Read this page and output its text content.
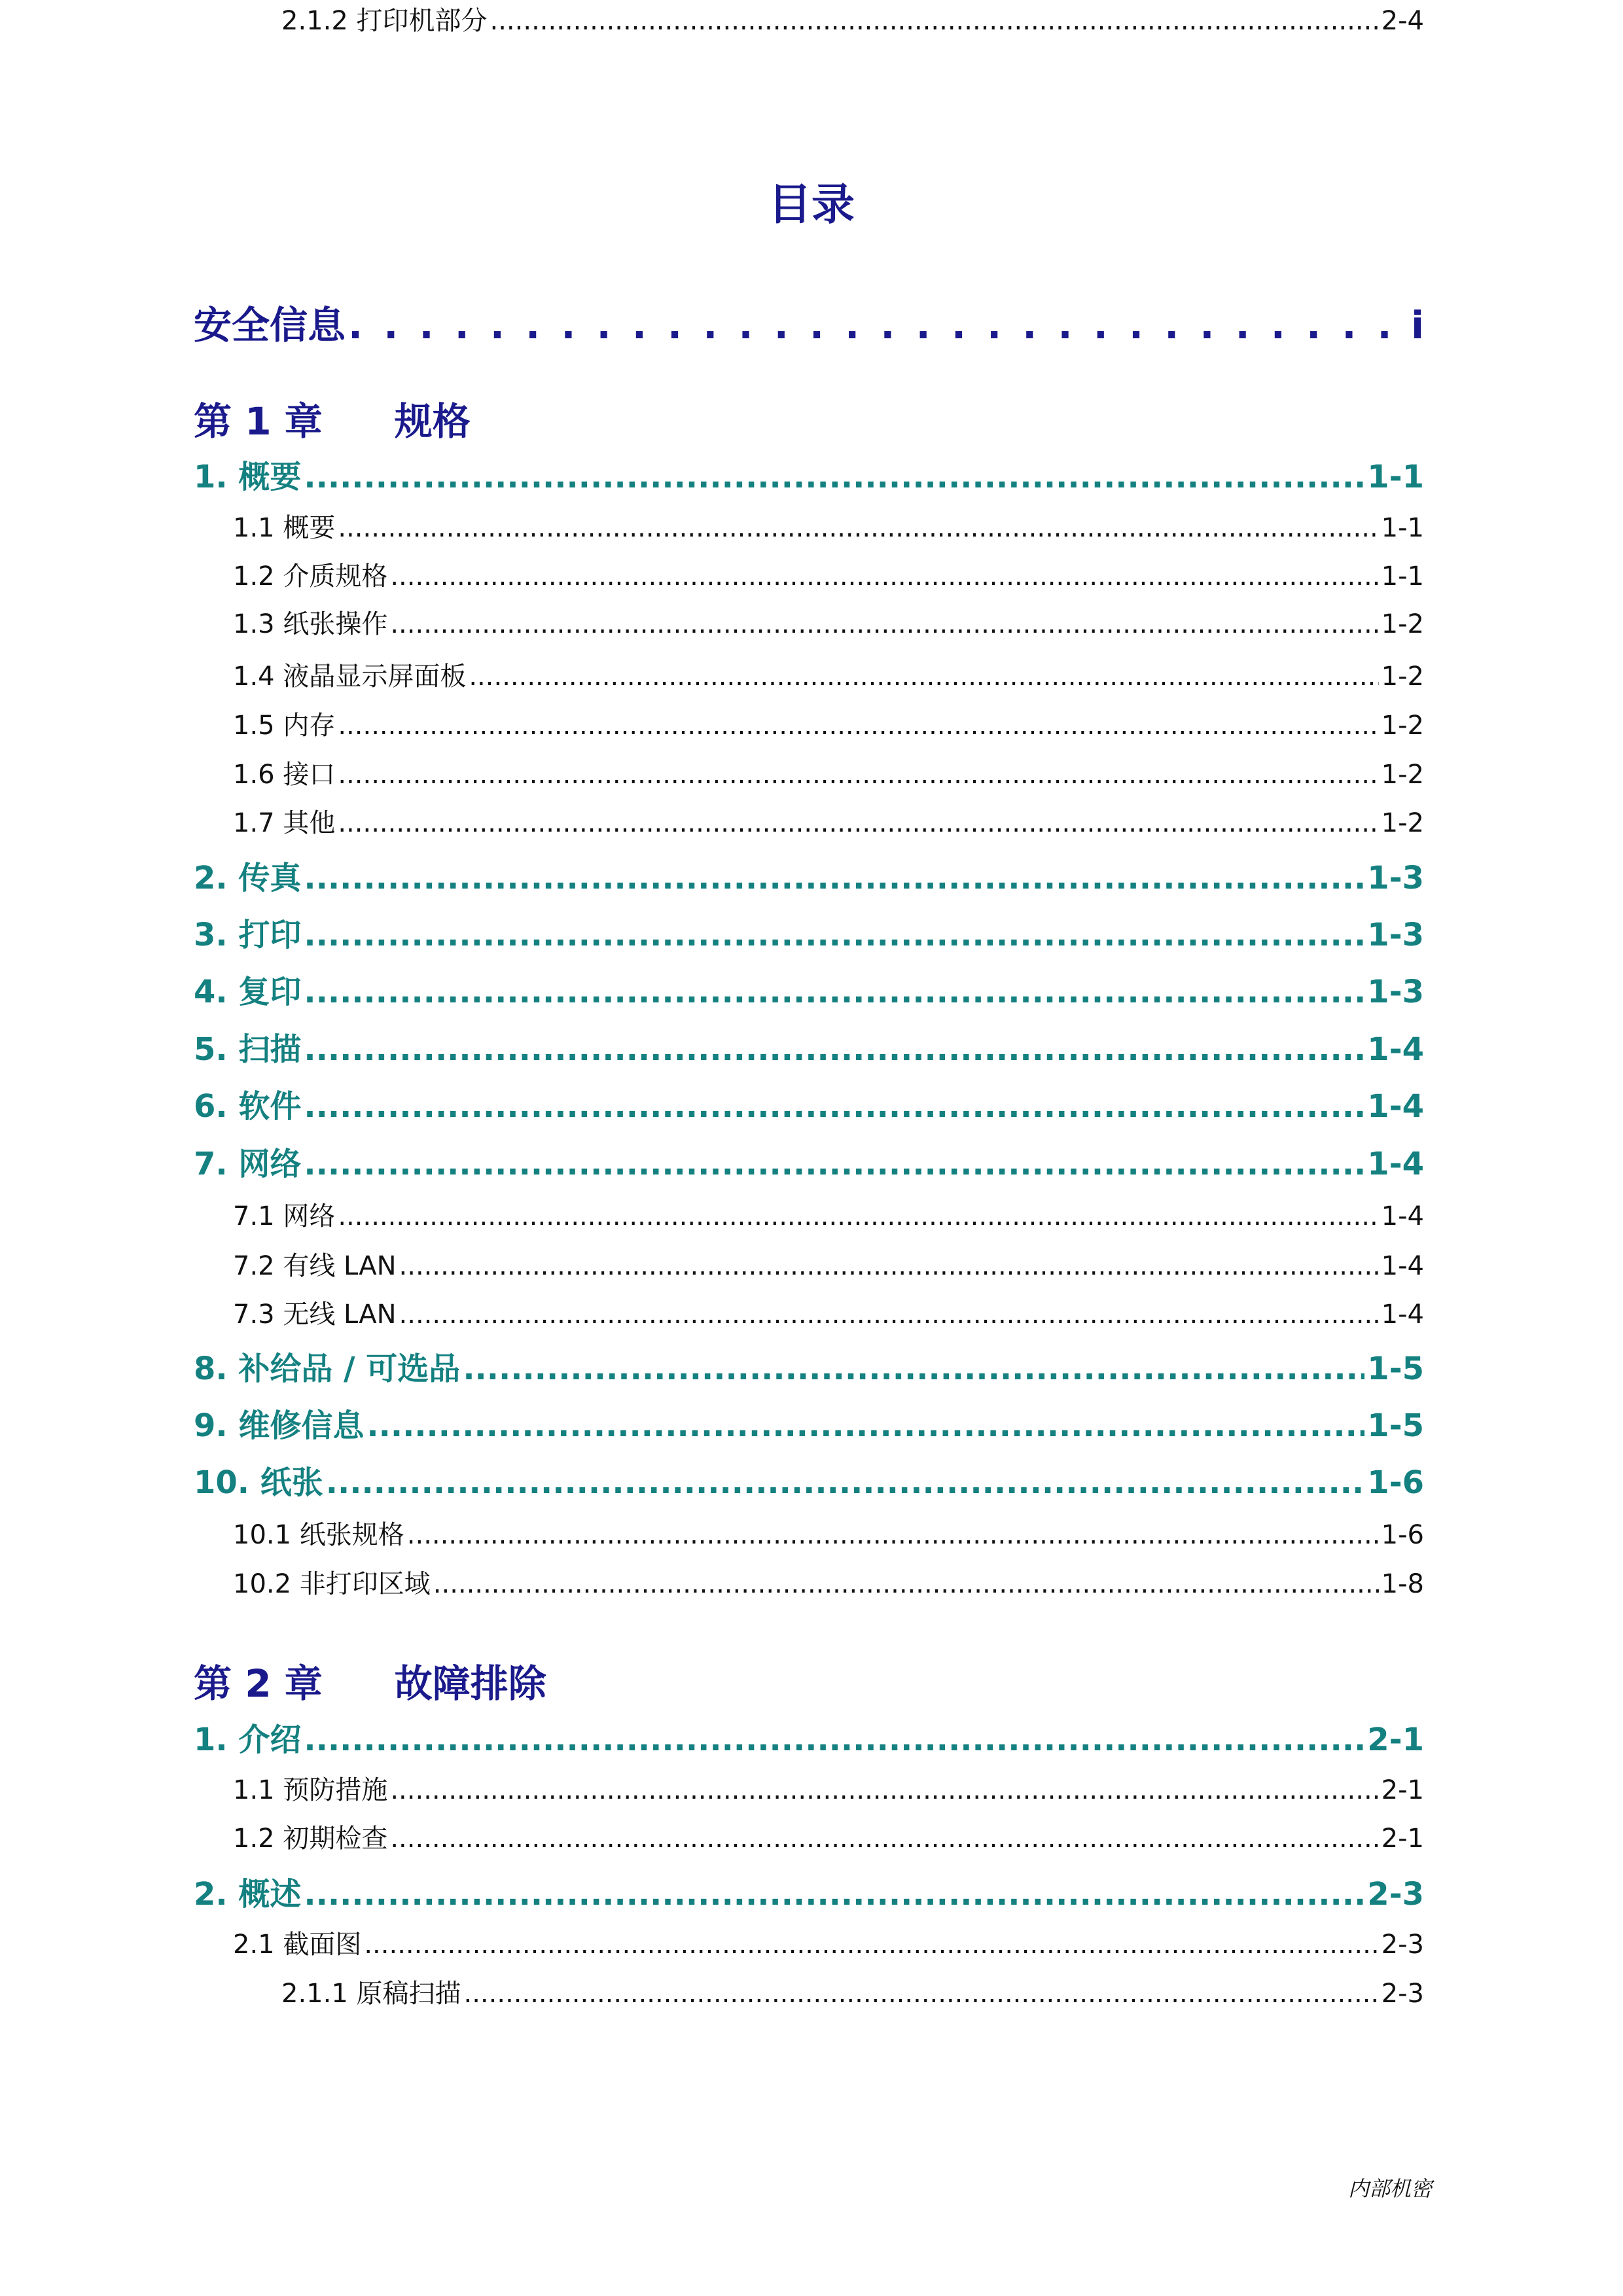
目录
安全信息 . . .	i
第 1 章 规格
1. 概要 .....	1-1
1.1 概要 .....	1-1
1.2 介质规格 .....	1-1
1.3 纸张操作 .....	1-2
1.4 液晶显示屏面板 .....	1-2
1.5 内存 .....	1-2
1.6 接口 .....	1-2
1.7 其他 .....	1-2
2. 传真 .....	1-3
3. 打印 .....	1-3
4. 复印 .....	1-3
5. 扫描 .....	1-4
6. 软件 .....	1-4
7. 网络 .....	1-4
7.1 网络 .....	1-4
7.2 有线 LAN .....	1-4
7.3 无线 LAN .....	1-4
8. 补给品 / 可选品 .....	1-5
9. 维修信息 .....	1-5
10. 纸张 .....	1-6
10.1 纸张规格 .....	1-6
10.2 非打印区域 .....	1-8
第 2 章 故障排除
1. 介绍 .....	2-1
1.1 预防措施 .....	2-1
1.2 初期检查 .....	2-1
2. 概述 .....	2-3
2.1 截面图 .....	2-3
2.1.1 原稿扫描 .....	2-3
2.1.2 打印机部分 .....	2-4
内部机密
